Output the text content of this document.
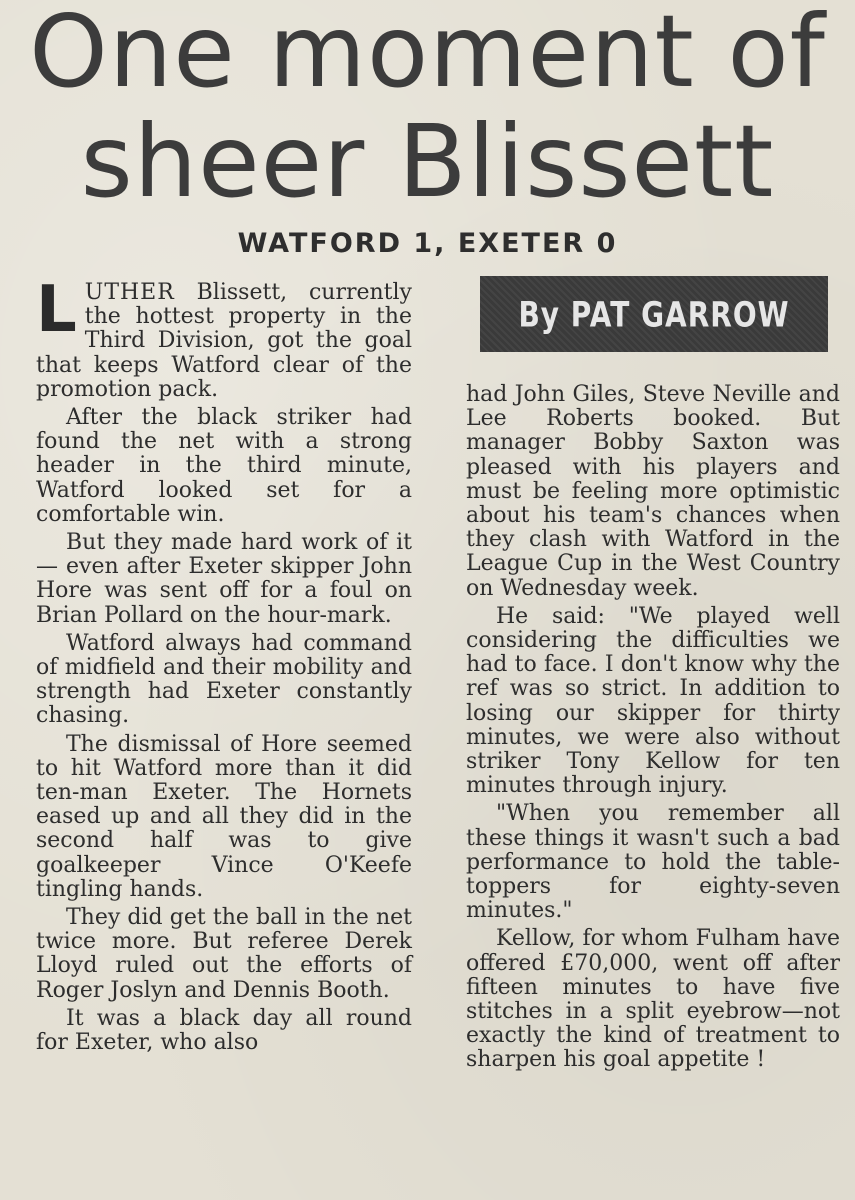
One moment of
sheer Blissett
WATFORD 1, EXETER 0
By PAT GARROW

LUTHER Blissett, currently the hottest property in the Third Division, got the goal that keeps Watford clear of the promotion pack.

After the black striker had found the net with a strong header in the third minute, Watford looked set for a comfortable win.

But they made hard work of it — even after Exeter skipper John Hore was sent off for a foul on Brian Pollard on the hour-mark.

Watford always had command of midfield and their mobility and strength had Exeter constantly chasing.

The dismissal of Hore seemed to hit Watford more than it did ten-man Exeter. The Hornets eased up and all they did in the second half was to give goalkeeper Vince O'Keefe tingling hands.

They did get the ball in the net twice more. But referee Derek Lloyd ruled out the efforts of Roger Joslyn and Dennis Booth.

It was a black day all round for Exeter, who also

had John Giles, Steve Neville and Lee Roberts booked. But manager Bobby Saxton was pleased with his players and must be feeling more optimistic about his team's chances when they clash with Watford in the League Cup in the West Country on Wednesday week.

He said: "We played well considering the difficulties we had to face. I don't know why the ref was so strict. In addition to losing our skipper for thirty minutes, we were also without striker Tony Kellow for ten minutes through injury.

"When you remember all these things it wasn't such a bad performance to hold the table-toppers for eighty-seven minutes."

Kellow, for whom Fulham have offered £70,000, went off after fifteen minutes to have five stitches in a split eyebrow—not exactly the kind of treatment to sharpen his goal appetite !
